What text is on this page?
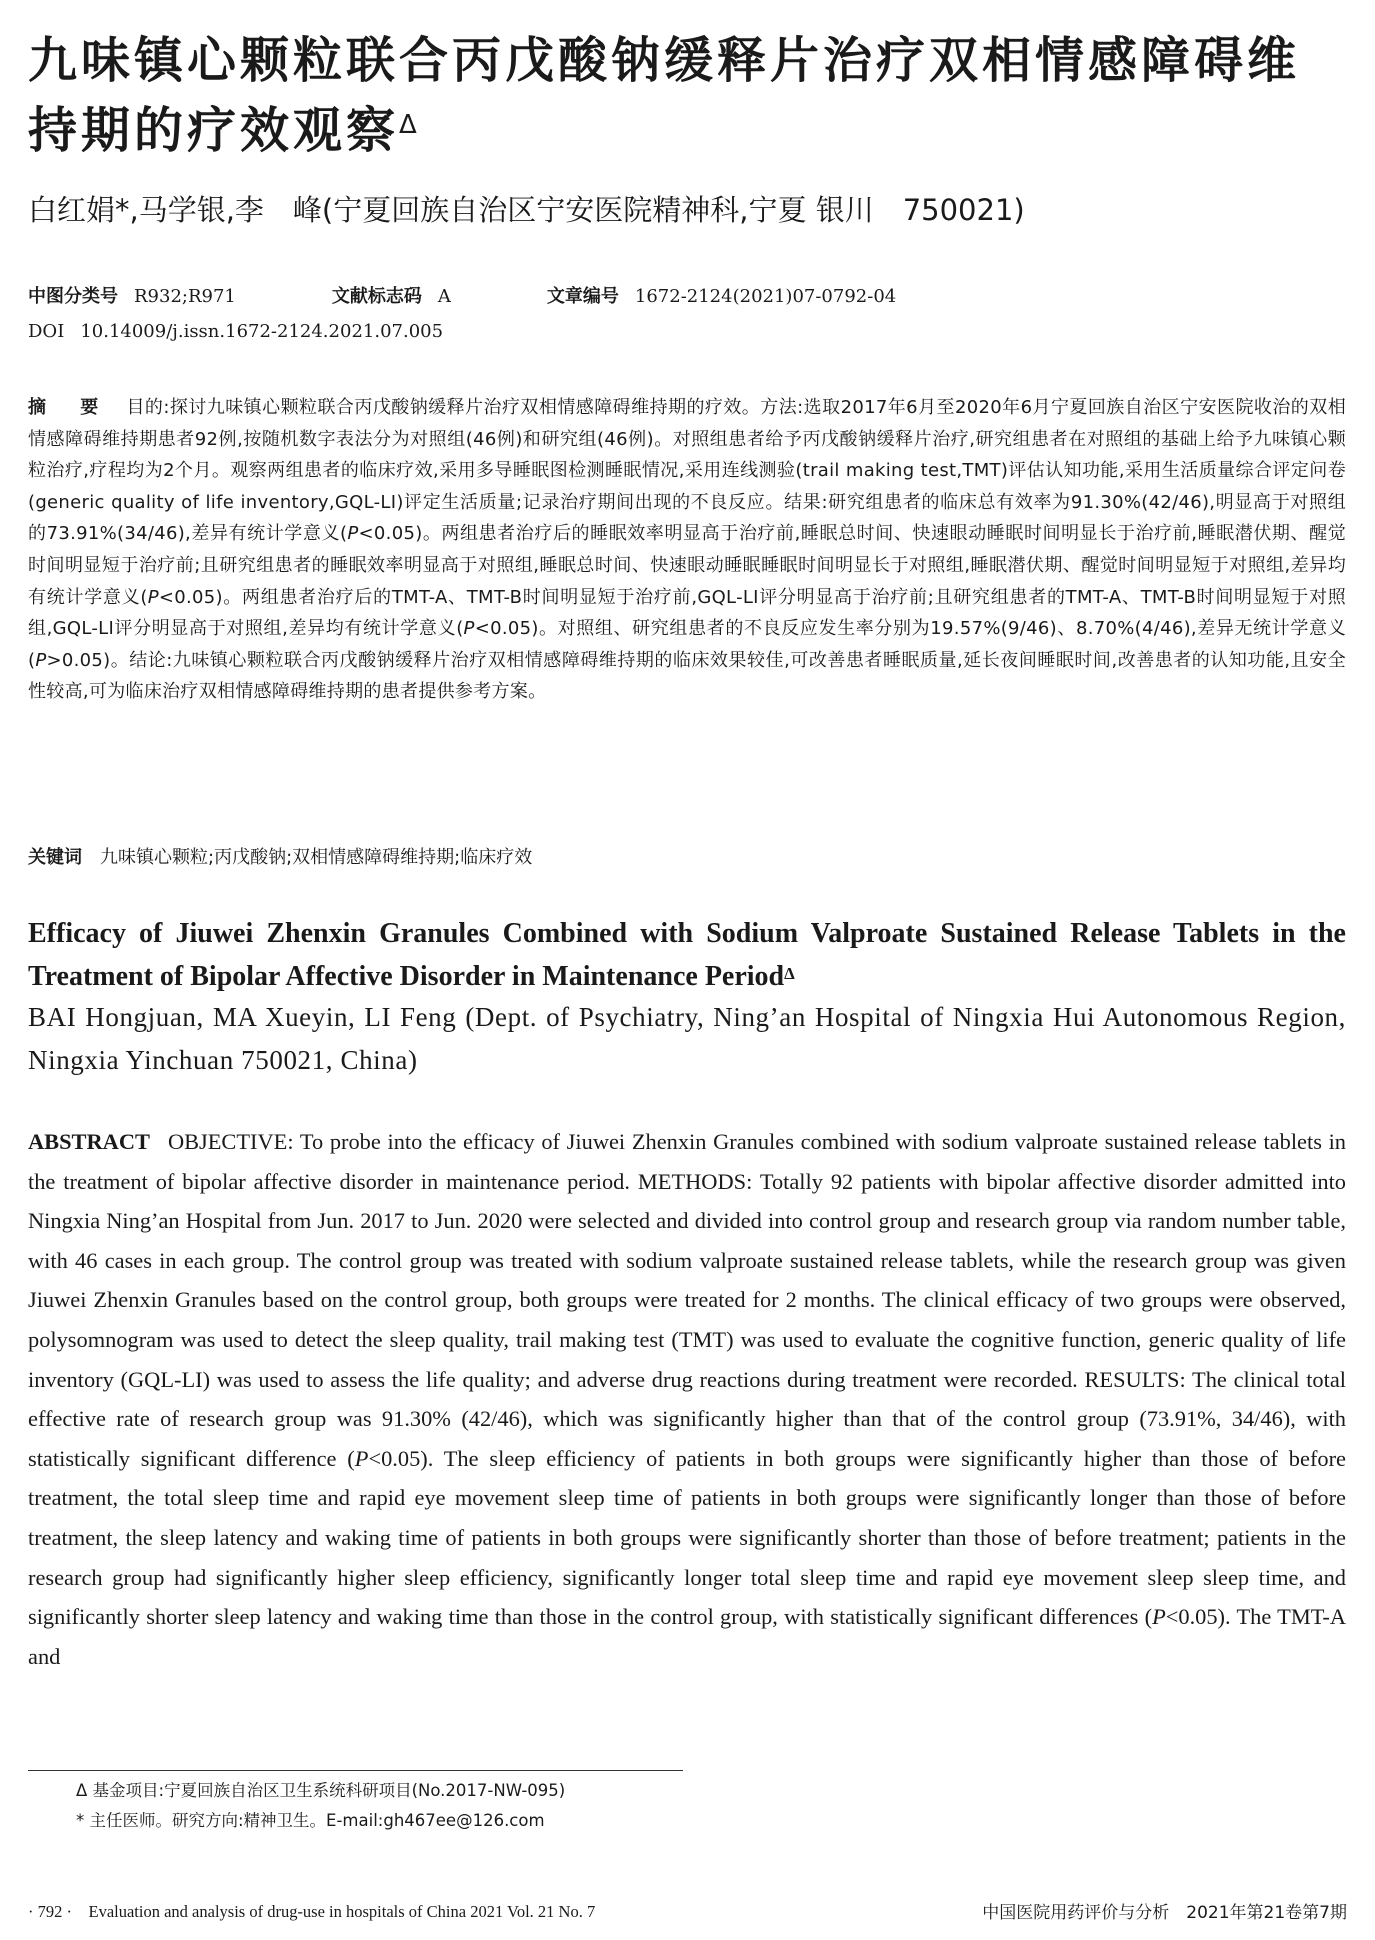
九味镇心颗粒联合丙戊酸钠缓释片治疗双相情感障碍维持期的疗效观察$^\Delta$

白红娟*,马学银,李　峰(宁夏回族自治区宁安医院精神科,宁夏 银川　750021)

中图分类号 R932;R971	文献标志码 A	文章编号 1672-2124(2021)07-0792-04
DOI 10.14009/j.issn.1672-2124.2021.07.005

摘　要 目的:探讨九味镇心颗粒联合丙戊酸钠缓释片治疗双相情感障碍维持期的疗效。方法:选取2017年6月至2020年6月宁夏回族自治区宁安医院收治的双相情感障碍维持期患者92例,按随机数字表法分为对照组(46例)和研究组(46例)。对照组患者给予丙戊酸钠缓释片治疗,研究组患者在对照组的基础上给予九味镇心颗粒治疗,疗程均为2个月。观察两组患者的临床疗效,采用多导睡眠图检测睡眠情况,采用连线测验(trail making test,TMT)评估认知功能,采用生活质量综合评定问卷(generic quality of life inventory,GQL-LI)评定生活质量;记录治疗期间出现的不良反应。结果:研究组患者的临床总有效率为91.30%(42/46),明显高于对照组的73.91%(34/46),差异有统计学意义(P<0.05)。两组患者治疗后的睡眠效率明显高于治疗前,睡眠总时间、快速眼动睡眠时间明显长于治疗前,睡眠潜伏期、醒觉时间明显短于治疗前;且研究组患者的睡眠效率明显高于对照组,睡眠总时间、快速眼动睡眠睡眠时间明显长于对照组,睡眠潜伏期、醒觉时间明显短于对照组,差异均有统计学意义(P<0.05)。两组患者治疗后的TMT-A、TMT-B时间明显短于治疗前,GQL-LI评分明显高于治疗前;且研究组患者的TMT-A、TMT-B时间明显短于对照组,GQL-LI评分明显高于对照组,差异均有统计学意义(P<0.05)。对照组、研究组患者的不良反应发生率分别为19.57%(9/46)、8.70%(4/46),差异无统计学意义(P>0.05)。结论:九味镇心颗粒联合丙戊酸钠缓释片治疗双相情感障碍维持期的临床效果较佳,可改善患者睡眠质量,延长夜间睡眠时间,改善患者的认知功能,且安全性较高,可为临床治疗双相情感障碍维持期的患者提供参考方案。

关键词 九味镇心颗粒;丙戊酸钠;双相情感障碍维持期;临床疗效
Efficacy of Jiuwei Zhenxin Granules Combined with Sodium Valproate Sustained Release Tablets in the Treatment of Bipolar Affective Disorder in Maintenance Period$^\Delta$

BAI Hongjuan, MA Xueyin, LI Feng (Dept. of Psychiatry, Ning’an Hospital of Ningxia Hui Autonomous Region, Ningxia Yinchuan 750021, China)

ABSTRACT OBJECTIVE: To probe into the efficacy of Jiuwei Zhenxin Granules combined with sodium valproate sustained release tablets in the treatment of bipolar affective disorder in maintenance period. METHODS: Totally 92 patients with bipolar affective disorder admitted into Ningxia Ning’an Hospital from Jun. 2017 to Jun. 2020 were selected and divided into control group and research group via random number table, with 46 cases in each group. The control group was treated with sodium valproate sustained release tablets, while the research group was given Jiuwei Zhenxin Granules based on the control group, both groups were treated for 2 months. The clinical efficacy of two groups were observed, polysomnogram was used to detect the sleep quality, trail making test (TMT) was used to evaluate the cognitive function, generic quality of life inventory (GQL-LI) was used to assess the life quality; and adverse drug reactions during treatment were recorded. RESULTS: The clinical total effective rate of research group was 91.30% (42/46), which was significantly higher than that of the control group (73.91%, 34/46), with statistically significant difference (P<0.05). The sleep efficiency of patients in both groups were significantly higher than those of before treatment, the total sleep time and rapid eye movement sleep time of patients in both groups were significantly longer than those of before treatment, the sleep latency and waking time of patients in both groups were significantly shorter than those of before treatment; patients in the research group had significantly higher sleep efficiency, significantly longer total sleep time and rapid eye movement sleep sleep time, and significantly shorter sleep latency and waking time than those in the control group, with statistically significant differences (P<0.05). The TMT-A and

Δ 基金项目:宁夏回族自治区卫生系统科研项目(No.2017-NW-095)
* 主任医师。研究方向:精神卫生。E-mail:gh467ee@126.com
· 792 ·　Evaluation and analysis of drug-use in hospitals of China 2021 Vol. 21 No. 7	中国医院用药评价与分析　2021年第21卷第7期
